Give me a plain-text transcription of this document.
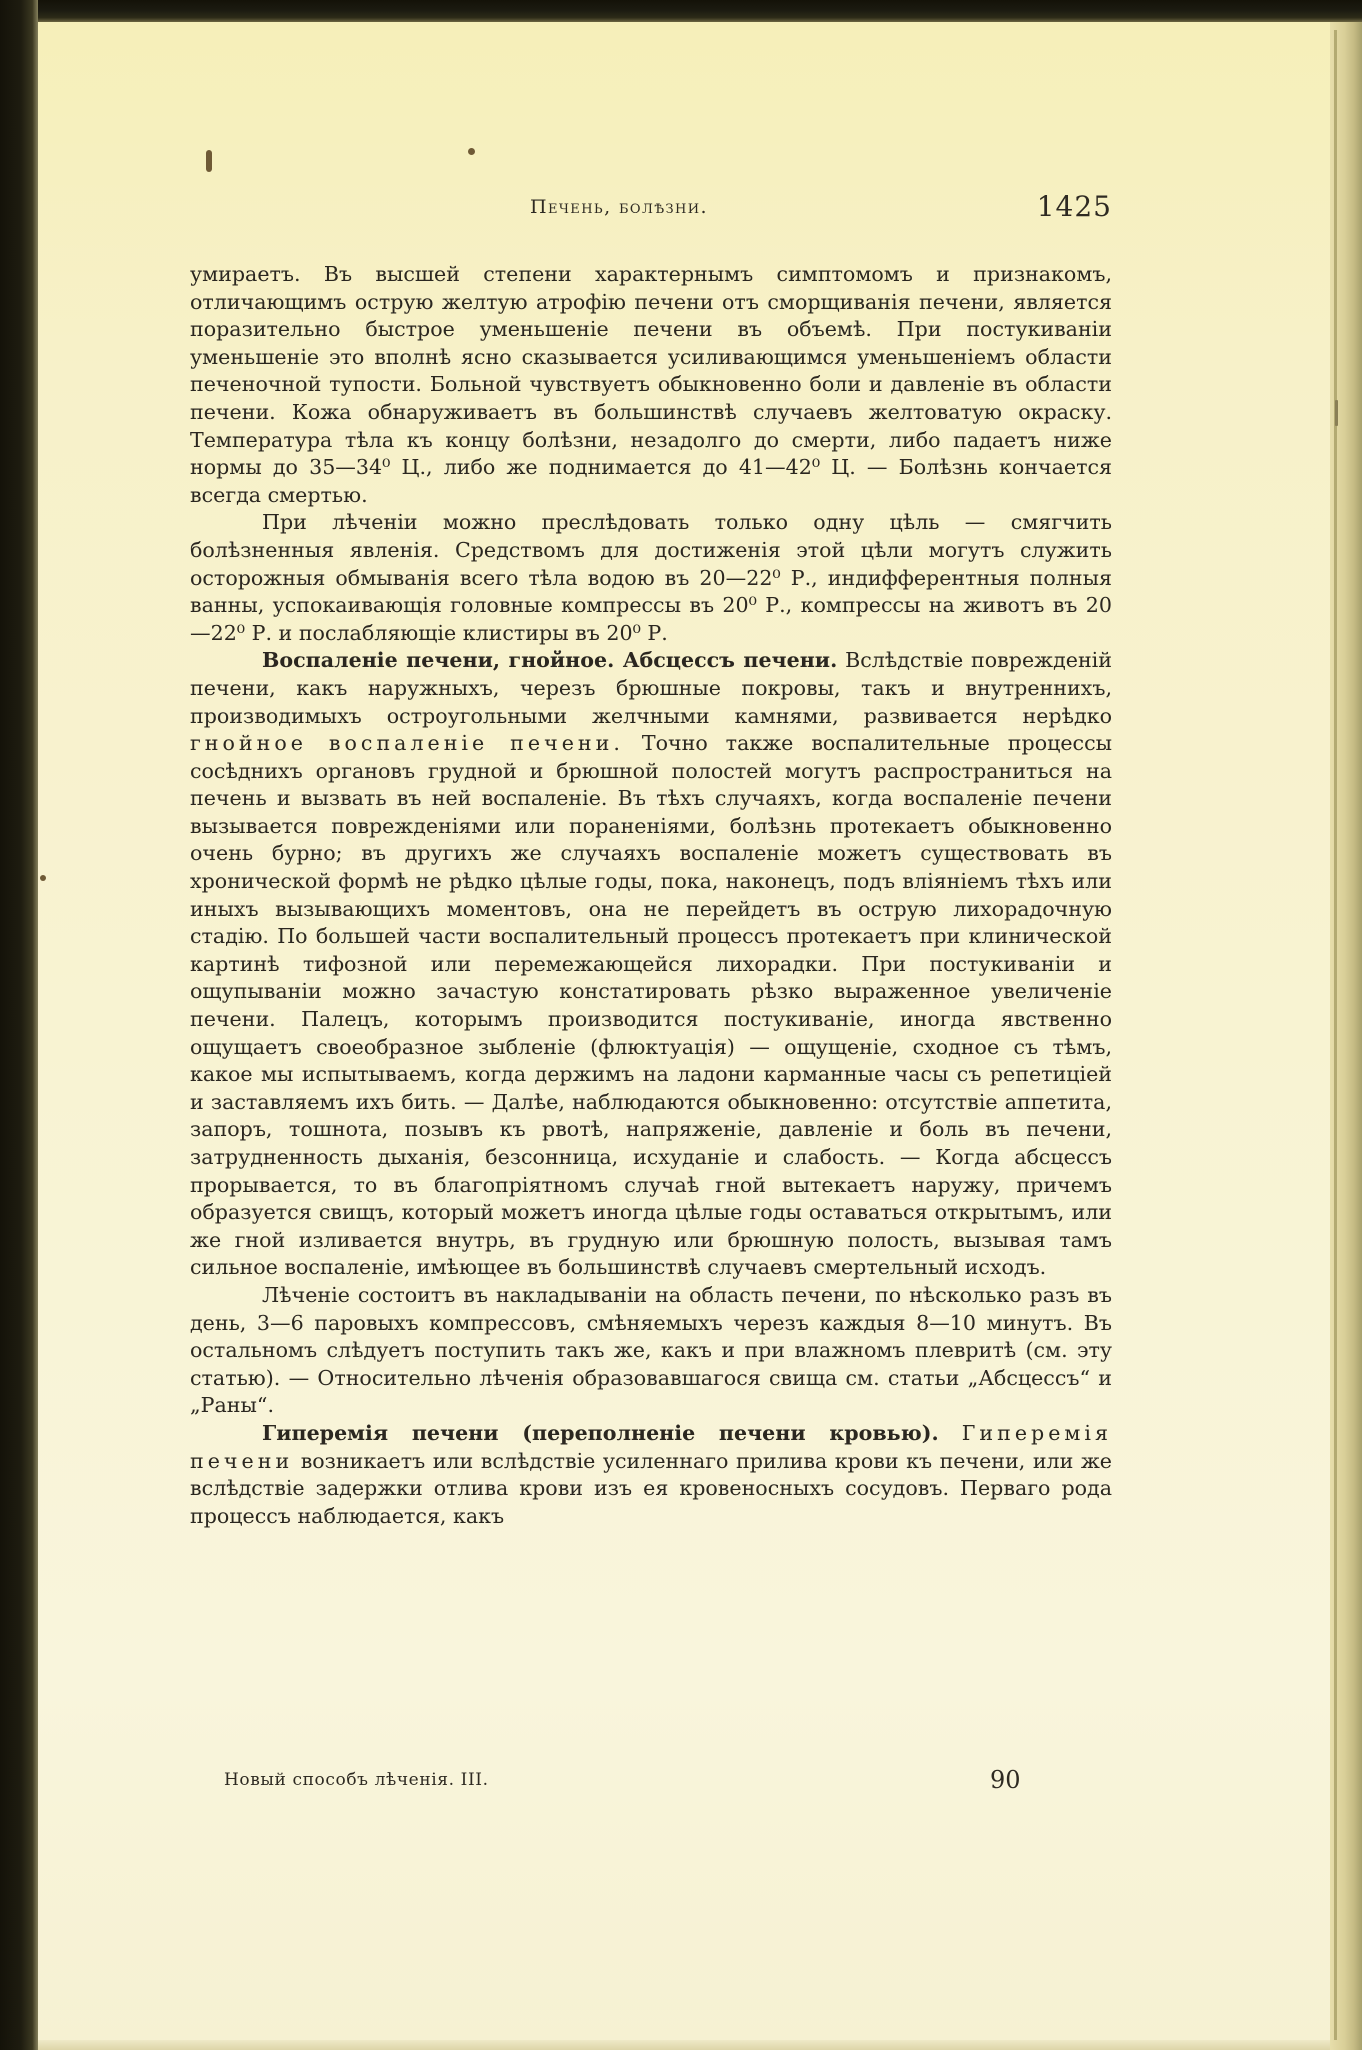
Печень, болѣзни.	1425

умираетъ. Въ высшей степени характернымъ симптомомъ и признакомъ, отличающимъ острую желтую атрофію печени отъ сморщиванія печени, является поразительно быстрое уменьшеніе печени въ объемѣ. При постукиваніи уменьшеніе это вполнѣ ясно сказывается усиливающимся уменьшеніемъ области печеночной тупости. Больной чувствуетъ обыкновенно боли и давленіе въ области печени. Кожа обнаруживаетъ въ большинствѣ случаевъ желтоватую окраску. Температура тѣла къ концу болѣзни, незадолго до смерти, либо падаетъ ниже нормы до 35—34⁰ Ц., либо же поднимается до 41—42⁰ Ц. — Болѣзнь кончается всегда смертью.

При лѣченіи можно преслѣдовать только одну цѣль — смягчить болѣзненныя явленія. Средствомъ для достиженія этой цѣли могутъ служить осторожныя обмыванія всего тѣла водою въ 20—22⁰ Р., индифферентныя полныя ванны, успокаивающія головные компрессы въ 20⁰ Р., компрессы на животъ въ 20—22⁰ Р. и послабляющіе клистиры въ 20⁰ Р.

Воспаленіе печени, гнойное. Абсцессъ печени. Вслѣдствіе поврежденій печени, какъ наружныхъ, черезъ брюшные покровы, такъ и внутреннихъ, производимыхъ остроугольными желчными камнями, развивается нерѣдко гнойное воспаленіе печени. Точно также воспалительные процессы сосѣднихъ органовъ грудной и брюшной полостей могутъ распространиться на печень и вызвать въ ней воспаленіе. Въ тѣхъ случаяхъ, когда воспаленіе печени вызывается поврежденіями или пораненіями, болѣзнь протекаетъ обыкновенно очень бурно; въ другихъ же случаяхъ воспаленіе можетъ существовать въ хронической формѣ не рѣдко цѣлые годы, пока, наконецъ, подъ вліяніемъ тѣхъ или иныхъ вызывающихъ моментовъ, она не перейдетъ въ острую лихорадочную стадію. По большей части воспалительный процессъ протекаетъ при клинической картинѣ тифозной или перемежающейся лихорадки. При постукиваніи и ощупываніи можно зачастую констатировать рѣзко выраженное увеличеніе печени. Палецъ, которымъ производится постукиваніе, иногда явственно ощущаетъ своеобразное зыбленіе (флюктуація) — ощущеніе, сходное съ тѣмъ, какое мы испытываемъ, когда держимъ на ладони карманные часы съ репетиціей и заставляемъ ихъ бить. — Далѣе, наблюдаются обыкновенно: отсутствіе аппетита, запоръ, тошнота, позывъ къ рвотѣ, напряженіе, давленіе и боль въ печени, затрудненность дыханія, безсонница, исхуданіе и слабость. — Когда абсцессъ прорывается, то въ благопріятномъ случаѣ гной вытекаетъ наружу, причемъ образуется свищъ, который можетъ иногда цѣлые годы оставаться открытымъ, или же гной изливается внутрь, въ грудную или брюшную полость, вызывая тамъ сильное воспаленіе, имѣющее въ большинствѣ случаевъ смертельный исходъ.

Лѣченіе состоитъ въ накладываніи на область печени, по нѣсколько разъ въ день, 3—6 паровыхъ компрессовъ, смѣняемыхъ черезъ каждыя 8—10 минутъ. Въ остальномъ слѣдуетъ поступить такъ же, какъ и при влажномъ плевритѣ (см. эту статью). — Относительно лѣченія образовавшагося свища см. статьи „Абсцессъ“ и „Раны“.

Гиперемія печени (переполненіе печени кровью). Гиперемія печени возникаетъ или вслѣдствіе усиленнаго прилива крови къ печени, или же вслѣдствіе задержки отлива крови изъ ея кровеносныхъ сосудовъ. Перваго рода процессъ наблюдается, какъ

Новый способъ лѣченія. III.	90
